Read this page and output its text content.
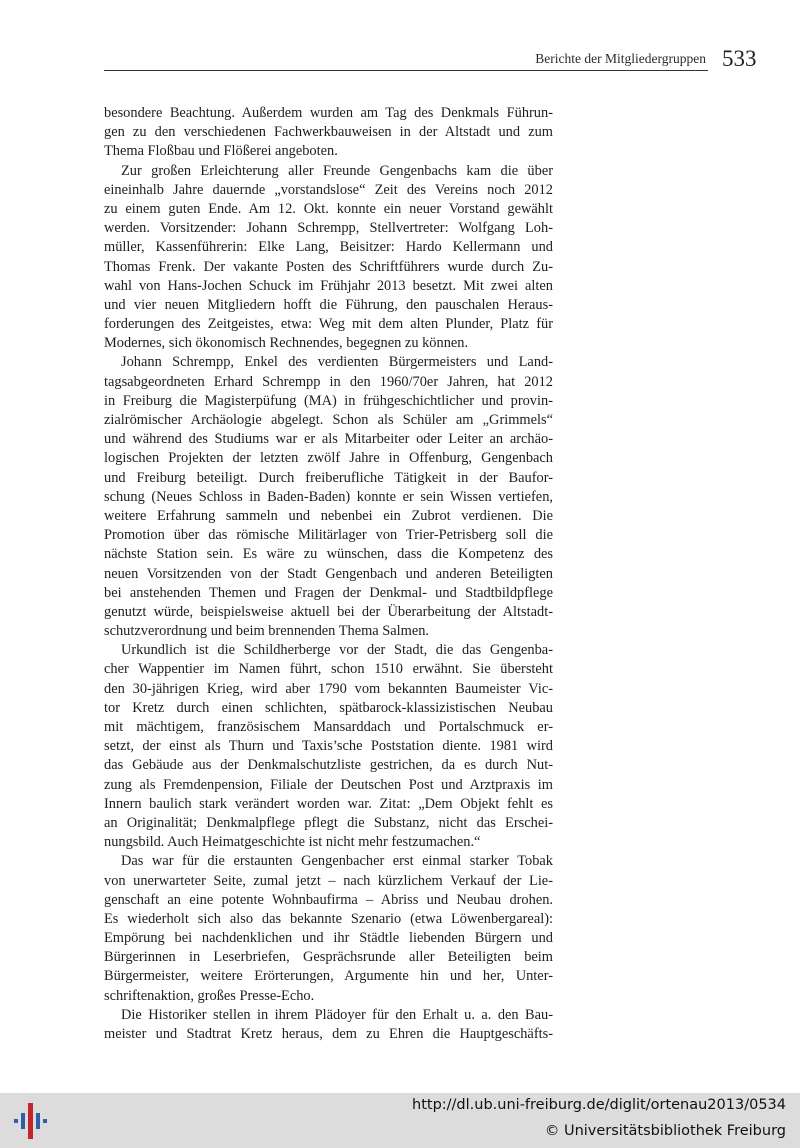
Berichte der Mitgliedergruppen 533
besondere Beachtung. Außerdem wurden am Tag des Denkmals Führun-
gen zu den verschiedenen Fachwerkbauweisen in der Altstadt und zum
Thema Floßbau und Flößerei angeboten.
Zur großen Erleichterung aller Freunde Gengenbachs kam die über
eineinhalb Jahre dauernde „vorstandslose“ Zeit des Vereins noch 2012
zu einem guten Ende. Am 12. Okt. konnte ein neuer Vorstand gewählt
werden. Vorsitzender: Johann Schrempp, Stellvertreter: Wolfgang Loh-
müller, Kassenführerin: Elke Lang, Beisitzer: Hardo Kellermann und
Thomas Frenk. Der vakante Posten des Schriftführers wurde durch Zu-
wahl von Hans-Jochen Schuck im Frühjahr 2013 besetzt. Mit zwei alten
und vier neuen Mitgliedern hofft die Führung, den pauschalen Heraus-
forderungen des Zeitgeistes, etwa: Weg mit dem alten Plunder, Platz für
Modernes, sich ökonomisch Rechnendes, begegnen zu können.
Johann Schrempp, Enkel des verdienten Bürgermeisters und Land-
tagsabgeordneten Erhard Schrempp in den 1960/70er Jahren, hat 2012
in Freiburg die Magisterpüfung (MA) in frühgeschichtlicher und provin-
zialrömischer Archäologie abgelegt. Schon als Schüler am „Grimmels“
und während des Studiums war er als Mitarbeiter oder Leiter an archäo-
logischen Projekten der letzten zwölf Jahre in Offenburg, Gengenbach
und Freiburg beteiligt. Durch freiberufliche Tätigkeit in der Baufor-
schung (Neues Schloss in Baden-Baden) konnte er sein Wissen vertiefen,
weitere Erfahrung sammeln und nebenbei ein Zubrot verdienen. Die
Promotion über das römische Militärlager von Trier-Petrisberg soll die
nächste Station sein. Es wäre zu wünschen, dass die Kompetenz des
neuen Vorsitzenden von der Stadt Gengenbach und anderen Beteiligten
bei anstehenden Themen und Fragen der Denkmal- und Stadtbildpflege
genutzt würde, beispielsweise aktuell bei der Überarbeitung der Altstadt-
schutzverordnung und beim brennenden Thema Salmen.
Urkundlich ist die Schildherberge vor der Stadt, die das Gengenba-
cher Wappentier im Namen führt, schon 1510 erwähnt. Sie übersteht
den 30-jährigen Krieg, wird aber 1790 vom bekannten Baumeister Vic-
tor Kretz durch einen schlichten, spätbarock-klassizistischen Neubau
mit mächtigem, französischem Mansarddach und Portalschmuck er-
setzt, der einst als Thurn und Taxis’sche Poststation diente. 1981 wird
das Gebäude aus der Denkmalschutzliste gestrichen, da es durch Nut-
zung als Fremdenpension, Filiale der Deutschen Post und Arztpraxis im
Innern baulich stark verändert worden war. Zitat: „Dem Objekt fehlt es
an Originalität; Denkmalpflege pflegt die Substanz, nicht das Erschei-
nungsbild. Auch Heimatgeschichte ist nicht mehr festzumachen.“
Das war für die erstaunten Gengenbacher erst einmal starker Tobak
von unerwarteter Seite, zumal jetzt – nach kürzlichem Verkauf der Lie-
genschaft an eine potente Wohnbaufirma – Abriss und Neubau drohen.
Es wiederholt sich also das bekannte Szenario (etwa Löwenbergareal):
Empörung bei nachdenklichen und ihr Städtle liebenden Bürgern und
Bürgerinnen in Leserbriefen, Gesprächsrunde aller Beteiligten beim
Bürgermeister, weitere Erörterungen, Argumente hin und her, Unter-
schriftenaktion, großes Presse-Echo.
Die Historiker stellen in ihrem Plädoyer für den Erhalt u. a. den Bau-
meister und Stadtrat Kretz heraus, dem zu Ehren die Hauptgeschäfts-
http://dl.ub.uni-freiburg.de/diglit/ortenau2013/0534
© Universitätsbibliothek Freiburg
